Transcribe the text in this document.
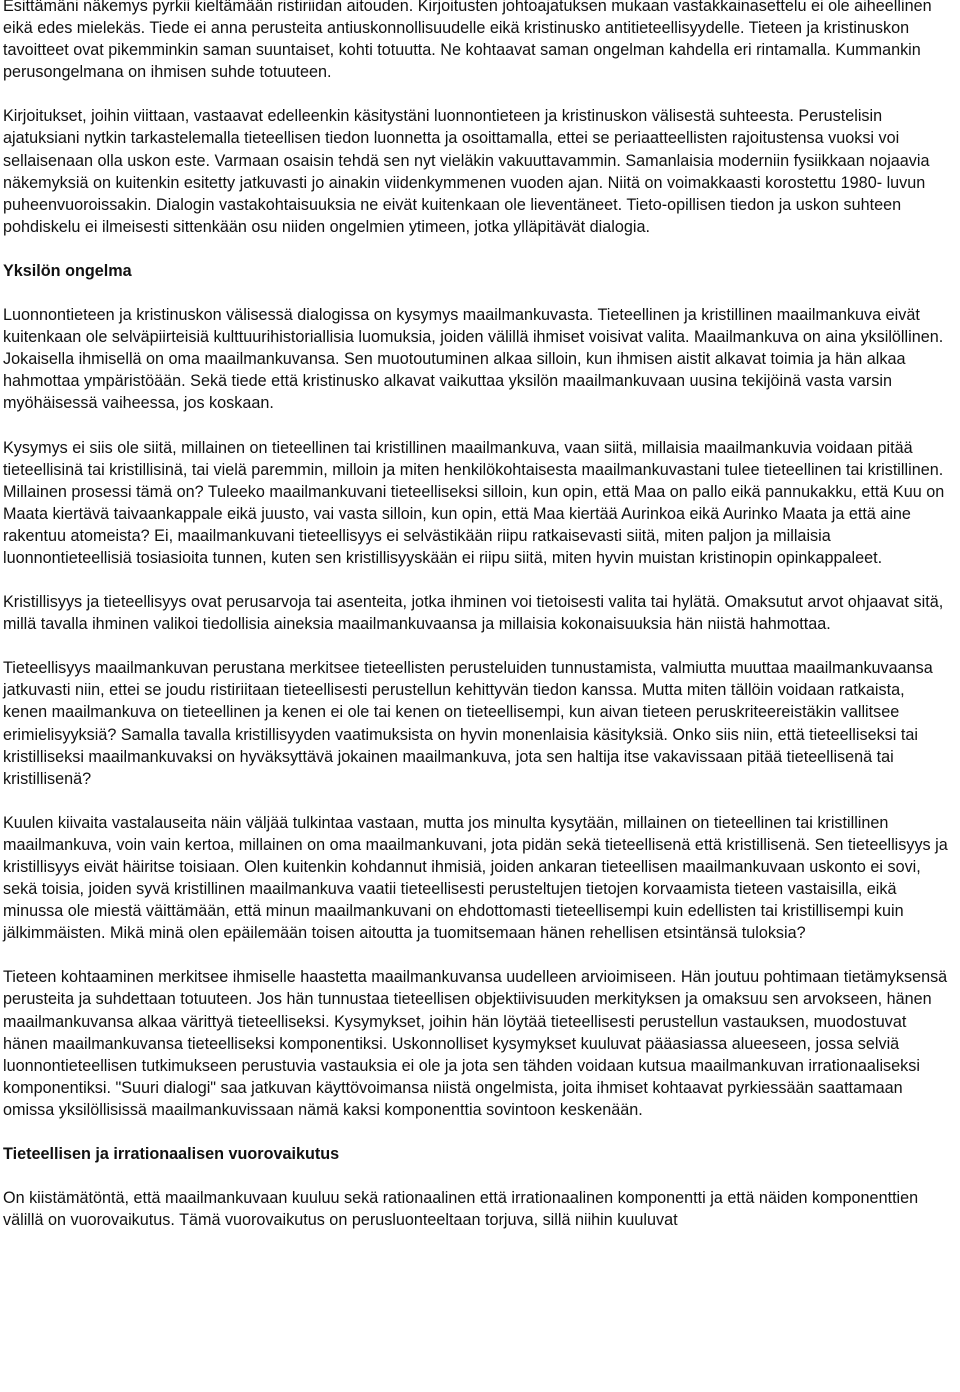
Esittämäni näkemys pyrkii kieltämään ristiriidan aitouden. Kirjoitusten johtoajatuksen mukaan vastakkainasettelu ei ole aiheellinen eikä edes mielekäs. Tiede ei anna perusteita antiuskonnollisuudelle eikä kristinusko antitieteellisyydelle. Tieteen ja kristinuskon tavoitteet ovat pikemminkin saman suuntaiset, kohti totuutta. Ne kohtaavat saman ongelman kahdella eri rintamalla. Kummankin perusongelmana on ihmisen suhde totuuteen.

Kirjoitukset, joihin viittaan, vastaavat edelleenkin käsitystäni luonnontieteen ja kristinuskon välisestä suhteesta. Perustelisin ajatuksiani nytkin tarkastelemalla tieteellisen tiedon luonnetta ja osoittamalla, ettei se periaatteellisten rajoitustensa vuoksi voi sellaisenaan olla uskon este. Varmaan osaisin tehdä sen nyt vieläkin vakuuttavammin. Samanlaisia moderniin fysiikkaan nojaavia näkemyksiä on kuitenkin esitetty jatkuvasti jo ainakin viidenkymmenen vuoden ajan. Niitä on voimakkaasti korostettu 1980- luvun puheenvuoroissakin. Dialogin vastakohtaisuuksia ne eivät kuitenkaan ole lieventäneet. Tieto-opillisen tiedon ja uskon suhteen pohdiskelu ei ilmeisesti sittenkään osu niiden ongelmien ytimeen, jotka ylläpitävät dialogia.

Yksilön ongelma

Luonnontieteen ja kristinuskon välisessä dialogissa on kysymys maailmankuvasta. Tieteellinen ja kristillinen maailmankuva eivät kuitenkaan ole selväpiirteisiä kulttuurihistoriallisia luomuksia, joiden välillä ihmiset voisivat valita. Maailmankuva on aina yksilöllinen. Jokaisella ihmisellä on oma maailmankuvansa. Sen muotoutuminen alkaa silloin, kun ihmisen aistit alkavat toimia ja hän alkaa hahmottaa ympäristöään. Sekä tiede että kristinusko alkavat vaikuttaa yksilön maailmankuvaan uusina tekijöinä vasta varsin myöhäisessä vaiheessa, jos koskaan.

Kysymys ei siis ole siitä, millainen on tieteellinen tai kristillinen maailmankuva, vaan siitä, millaisia maailmankuvia voidaan pitää tieteellisinä tai kristillisinä, tai vielä paremmin, milloin ja miten henkilökohtaisesta maailmankuvastani tulee tieteellinen tai kristillinen. Millainen prosessi tämä on? Tuleeko maailmankuvani tieteelliseksi silloin, kun opin, että Maa on pallo eikä pannukakku, että Kuu on Maata kiertävä taivaankappale eikä juusto, vai vasta silloin, kun opin, että Maa kiertää Aurinkoa eikä Aurinko Maata ja että aine rakentuu atomeista? Ei, maailmankuvani tieteellisyys ei selvästikään riipu ratkaisevasti siitä, miten paljon ja millaisia luonnontieteellisiä tosiasioita tunnen, kuten sen kristillisyyskään ei riipu siitä, miten hyvin muistan kristinopin opinkappaleet.

Kristillisyys ja tieteellisyys ovat perusarvoja tai asenteita, jotka ihminen voi tietoisesti valita tai hylätä. Omaksutut arvot ohjaavat sitä, millä tavalla ihminen valikoi tiedollisia aineksia maailmankuvaansa ja millaisia kokonaisuuksia hän niistä hahmottaa.

Tieteellisyys maailmankuvan perustana merkitsee tieteellisten perusteluiden tunnustamista, valmiutta muuttaa maailmankuvaansa jatkuvasti niin, ettei se joudu ristiriitaan tieteellisesti perustellun kehittyvän tiedon kanssa. Mutta miten tällöin voidaan ratkaista, kenen maailmankuva on tieteellinen ja kenen ei ole tai kenen on tieteellisempi, kun aivan tieteen peruskriteereistäkin vallitsee erimielisyyksiä? Samalla tavalla kristillisyyden vaatimuksista on hyvin monenlaisia käsityksiä. Onko siis niin, että tieteelliseksi tai kristilliseksi maailmankuvaksi on hyväksyttävä jokainen maailmankuva, jota sen haltija itse vakavissaan pitää tieteellisenä tai kristillisenä?

Kuulen kiivaita vastalauseita näin väljää tulkintaa vastaan, mutta jos minulta kysytään, millainen on tieteellinen tai kristillinen maailmankuva, voin vain kertoa, millainen on oma maailmankuvani, jota pidän sekä tieteellisenä että kristillisenä. Sen tieteellisyys ja kristillisyys eivät häiritse toisiaan. Olen kuitenkin kohdannut ihmisiä, joiden ankaran tieteellisen maailmankuvaan uskonto ei sovi, sekä toisia, joiden syvä kristillinen maailmankuva vaatii tieteellisesti perusteltujen tietojen korvaamista tieteen vastaisilla, eikä minussa ole miestä väittämään, että minun maailmankuvani on ehdottomasti tieteellisempi kuin edellisten tai kristillisempi kuin jälkimmäisten. Mikä minä olen epäilemään toisen aitoutta ja tuomitsemaan hänen rehellisen etsintänsä tuloksia?

Tieteen kohtaaminen merkitsee ihmiselle haastetta maailmankuvansa uudelleen arvioimiseen. Hän joutuu pohtimaan tietämyksensä perusteita ja suhdettaan totuuteen. Jos hän tunnustaa tieteellisen objektiivisuuden merkityksen ja omaksuu sen arvokseen, hänen maailmankuvansa alkaa värittyä tieteelliseksi. Kysymykset, joihin hän löytää tieteellisesti perustellun vastauksen, muodostuvat hänen maailmankuvansa tieteelliseksi komponentiksi. Uskonnolliset kysymykset kuuluvat pääasiassa alueeseen, jossa selviä luonnontieteellisen tutkimukseen perustuvia vastauksia ei ole ja jota sen tähden voidaan kutsua maailmankuvan irrationaaliseksi komponentiksi. "Suuri dialogi" saa jatkuvan käyttövoimansa niistä ongelmista, joita ihmiset kohtaavat pyrkiessään saattamaan omissa yksilöllisissä maailmankuvissaan nämä kaksi komponenttia sovintoon keskenään.

Tieteellisen ja irrationaalisen vuorovaikutus

On kiistämätöntä, että maailmankuvaan kuuluu sekä rationaalinen että irrationaalinen komponentti ja että näiden komponenttien välillä on vuorovaikutus. Tämä vuorovaikutus on perusluonteeltaan torjuva, sillä niihin kuuluvat
